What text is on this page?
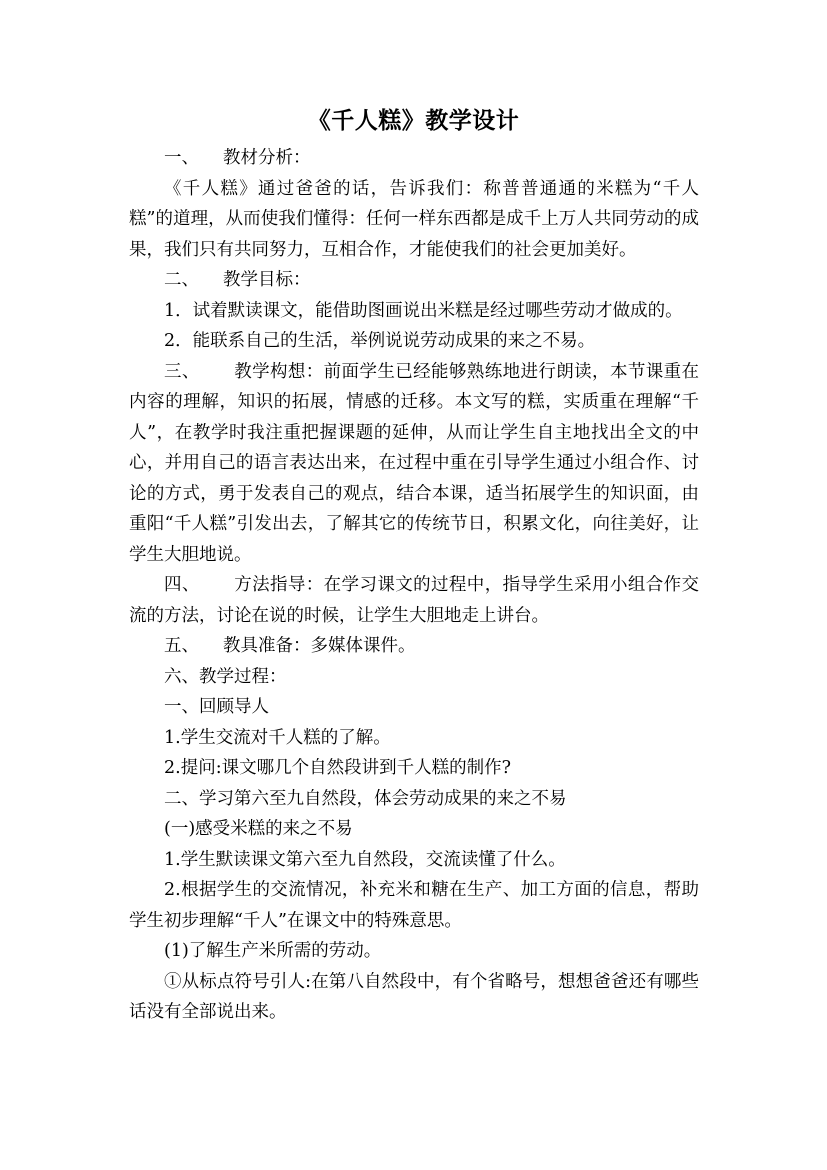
《千人糕》教学设计

一、 教材分析：

《千人糕》通过爸爸的话，告诉我们：称普普通通的米糕为“千人糕”的道理，从而使我们懂得：任何一样东西都是成千上万人共同劳动的成果，我们只有共同努力，互相合作，才能使我们的社会更加美好。

二、 教学目标：

1．试着默读课文，能借助图画说出米糕是经过哪些劳动才做成的。

2．能联系自己的生活，举例说说劳动成果的来之不易。

三、 教学构想：前面学生已经能够熟练地进行朗读，本节课重在内容的理解，知识的拓展，情感的迁移。本文写的糕，实质重在理解“千人”，在教学时我注重把握课题的延伸，从而让学生自主地找出全文的中心，并用自己的语言表达出来，在过程中重在引导学生通过小组合作、讨论的方式，勇于发表自己的观点，结合本课，适当拓展学生的知识面，由重阳“千人糕”引发出去，了解其它的传统节日，积累文化，向往美好，让学生大胆地说。

四、 方法指导：在学习课文的过程中，指导学生采用小组合作交流的方法，讨论在说的时候，让学生大胆地走上讲台。

五、 教具准备：多媒体课件。

六、教学过程：

一、回顾导人

1.学生交流对千人糕的了解。

2.提问:课文哪几个自然段讲到千人糕的制作?

二、学习第六至九自然段，体会劳动成果的来之不易

(一)感受米糕的来之不易

1.学生默读课文第六至九自然段，交流读懂了什么。

2.根据学生的交流情况，补充米和糖在生产、加工方面的信息，帮助学生初步理解“千人”在课文中的特殊意思。

(1)了解生产米所需的劳动。

①从标点符号引人:在第八自然段中，有个省略号，想想爸爸还有哪些话没有全部说出来。
